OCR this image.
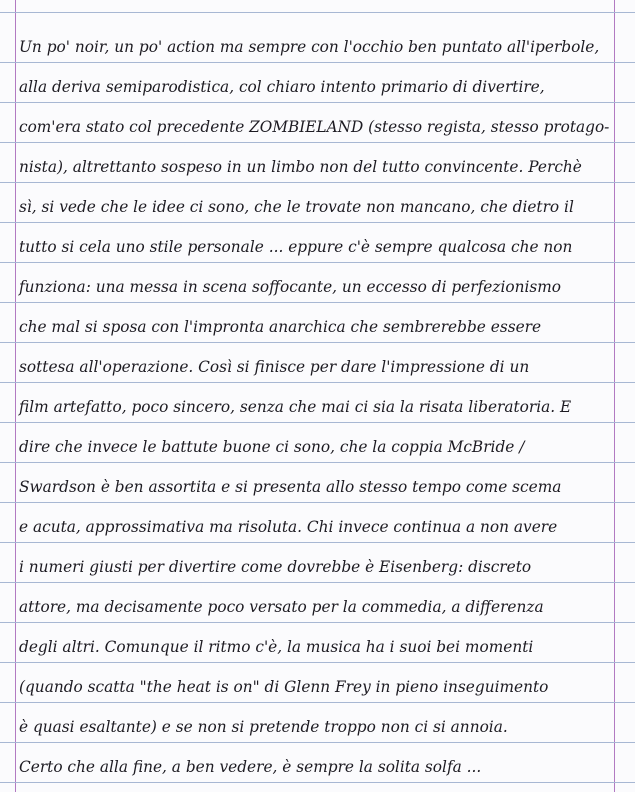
Un po' noir, un po' action ma sempre con l'occhio ben puntato all'iperbole,
alla deriva semiparodistica, col chiaro intento primario di divertire,
com'era stato col precedente ZOMBIELAND (stesso regista, stesso protago-
nista), altrettanto sospeso in un limbo non del tutto convincente. Perchè
sì, si vede che le idee ci sono, che le trovate non mancano, che dietro il
tutto si cela uno stile personale ... eppure c'è sempre qualcosa che non
funziona: una messa in scena soffocante, un eccesso di perfezionismo
che mal si sposa con l'impronta anarchica che sembrerebbe essere
sottesa all'operazione. Così si finisce per dare l'impressione di un
film artefatto, poco sincero, senza che mai ci sia la risata liberatoria. E
dire che invece le battute buone ci sono, che la coppia McBride /
Swardson è ben assortita e si presenta allo stesso tempo come scema
e acuta, approssimativa ma risoluta. Chi invece continua a non avere
i numeri giusti per divertire come dovrebbe è Eisenberg: discreto
attore, ma decisamente poco versato per la commedia, a differenza
degli altri. Comunque il ritmo c'è, la musica ha i suoi bei momenti
(quando scatta "the heat is on" di Glenn Frey in pieno inseguimento
è quasi esaltante) e se non si pretende troppo non ci si annoia.
Certo che alla fine, a ben vedere, è sempre la solita solfa ...
